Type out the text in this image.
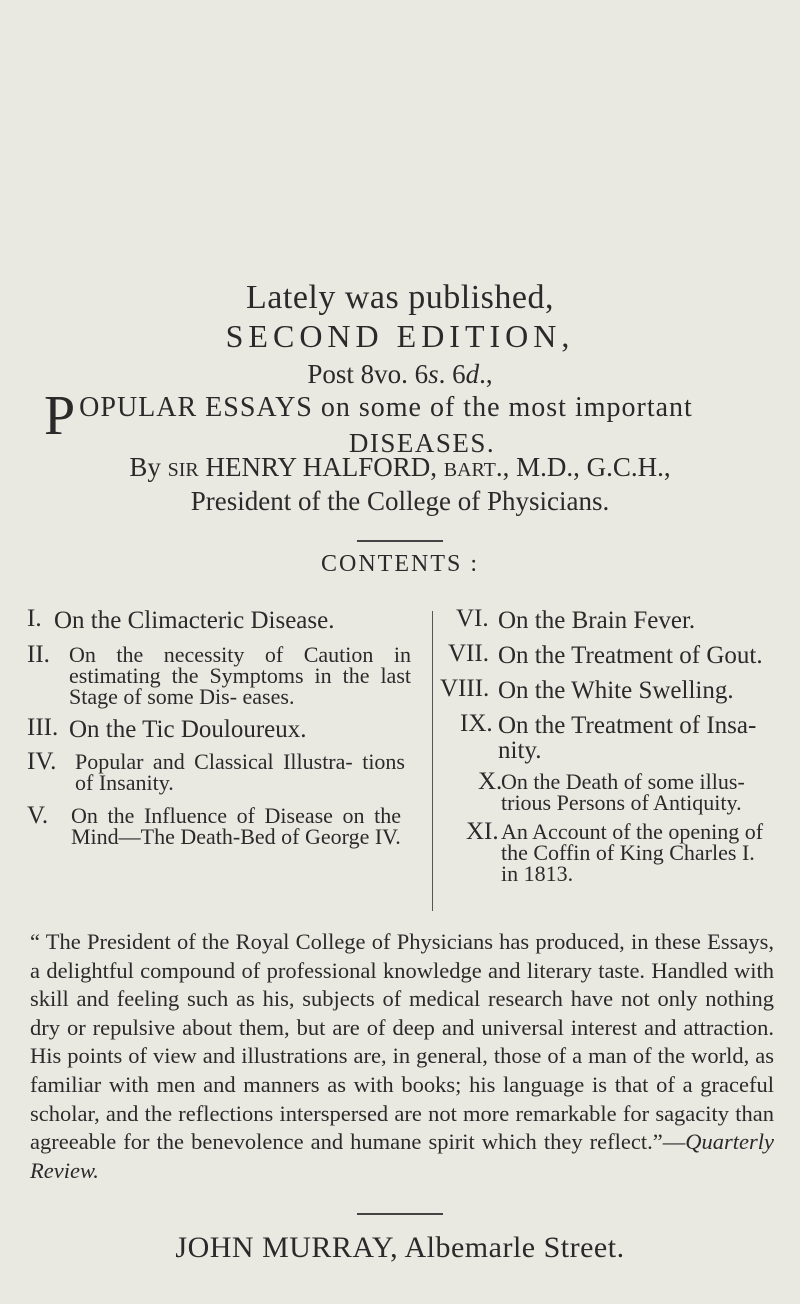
Lately was published,
SECOND EDITION,
Post 8vo. 6s. 6d.,
POPULAR ESSAYS on some of the most important
DISEASES.
By SIR HENRY HALFORD, BART., M.D., G.C.H.,
President of the College of Physicians.
CONTENTS :
I. On the Climacteric Disease.
II. On the necessity of Caution in estimating the Symptoms in the last Stage of some Dis- eases.
III. On the Tic Douloureux.
IV. Popular and Classical Illustra- tions of Insanity.
V.	On the Influence of Disease on the Mind—The Death-Bed of George IV.
VI. On the Brain Fever.
VII. On the Treatment of Gout.
VIII. On the White Swelling.
IX. On the Treatment of Insa- nity.
X.
On the Death of some illus- trious Persons of Antiquity.
XI. An Account of the opening of the Coffin of King Charles I. in 1813.
“ The President of the Royal College of Physicians has produced, in these Essays, a delightful compound of professional knowledge and literary taste. Handled with skill and feeling such as his, subjects of medical research have not only nothing dry or repulsive about them, but are of deep and universal interest and attraction. His points of view and illustrations are, in general, those of a man of the world, as familiar with men and manners as with books; his language is that of a graceful scholar, and the reflections interspersed are not more remarkable for sagacity than agreeable for the benevolence and humane spirit which they reflect.”—Quarterly Review.
JOHN MURRAY, Albemarle Street.
